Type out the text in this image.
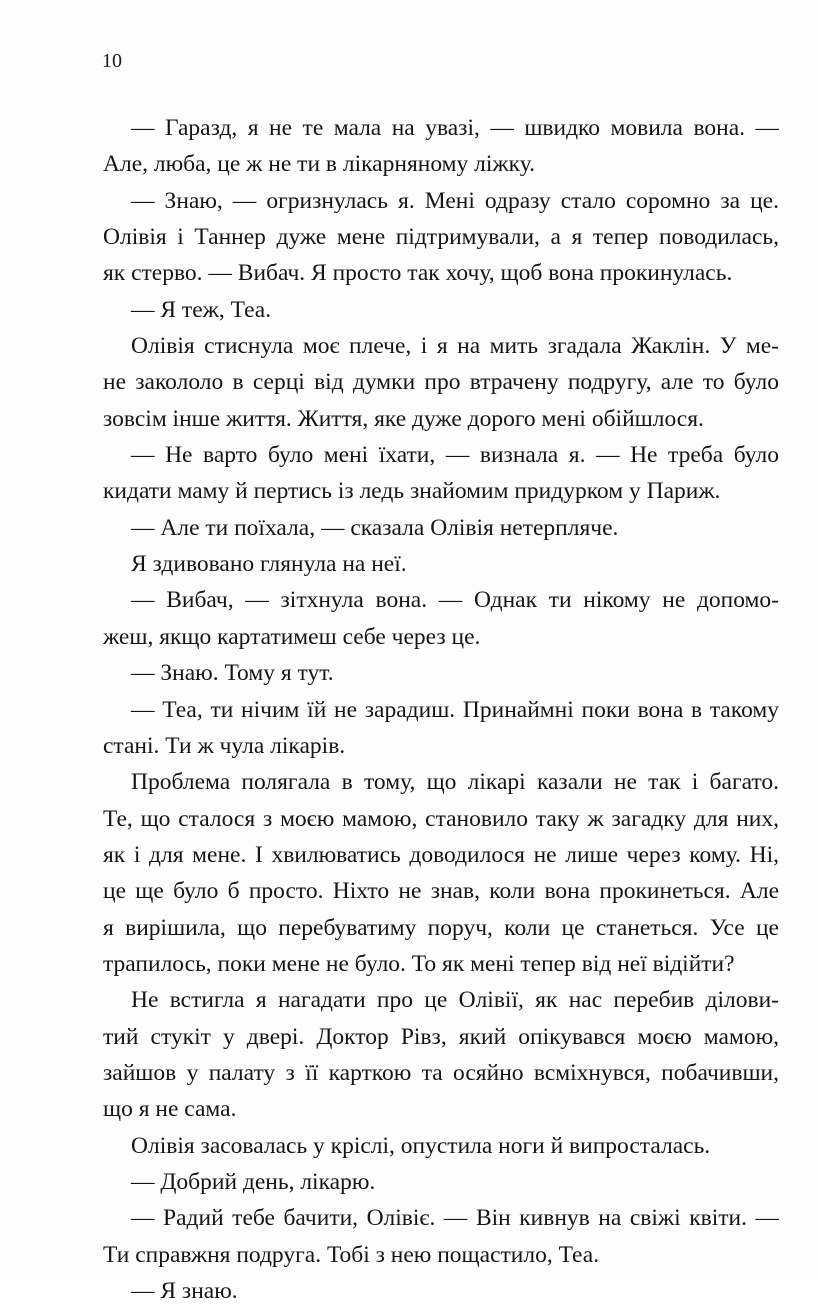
10
— Гаразд, я не те мала на увазі, — швидко мовила вона. —
Але, люба, це ж не ти в лікарняному ліжку.
— Знаю, — огризнулась я. Мені одразу стало соромно за це.
Олівія і Таннер дуже мене підтримували, а я тепер поводилась,
як стерво. — Вибач. Я просто так хочу, щоб вона прокинулась.
— Я теж, Теа.
Олівія стиснула моє плече, і я на мить згадала Жаклін. У ме-
не закололо в серці від думки про втрачену подругу, але то було
зовсім інше життя. Життя, яке дуже дорого мені обійшлося.
— Не варто було мені їхати, — визнала я. — Не треба було
кидати маму й пертись із ледь знайомим придурком у Париж.
— Але ти поїхала, — сказала Олівія нетерпляче.
Я здивовано глянула на неї.
— Вибач, — зітхнула вона. — Однак ти нікому не допомо-
жеш, якщо картатимеш себе через це.
— Знаю. Тому я тут.
— Теа, ти нічим їй не зарадиш. Принаймні поки вона в такому
стані. Ти ж чула лікарів.
Проблема полягала в тому, що лікарі казали не так і багато.
Те, що сталося з моєю мамою, становило таку ж загадку для них,
як і для мене. І хвилюватись доводилося не лише через кому. Ні,
це ще було б просто. Ніхто не знав, коли вона прокинеться. Але
я вирішила, що перебуватиму поруч, коли це станеться. Усе це
трапилось, поки мене не було. То як мені тепер від неї відійти?
Не встигла я нагадати про це Олівії, як нас перебив ділови-
тий стукіт у двері. Доктор Рівз, який опікувався моєю мамою,
зайшов у палату з її карткою та осяйно всміхнувся, побачивши,
що я не сама.
Олівія засовалась у кріслі, опустила ноги й випросталась.
— Добрий день, лікарю.
— Радий тебе бачити, Олівіє. — Він кивнув на свіжі квіти. —
Ти справжня подруга. Тобі з нею пощастило, Теа.
— Я знаю.
